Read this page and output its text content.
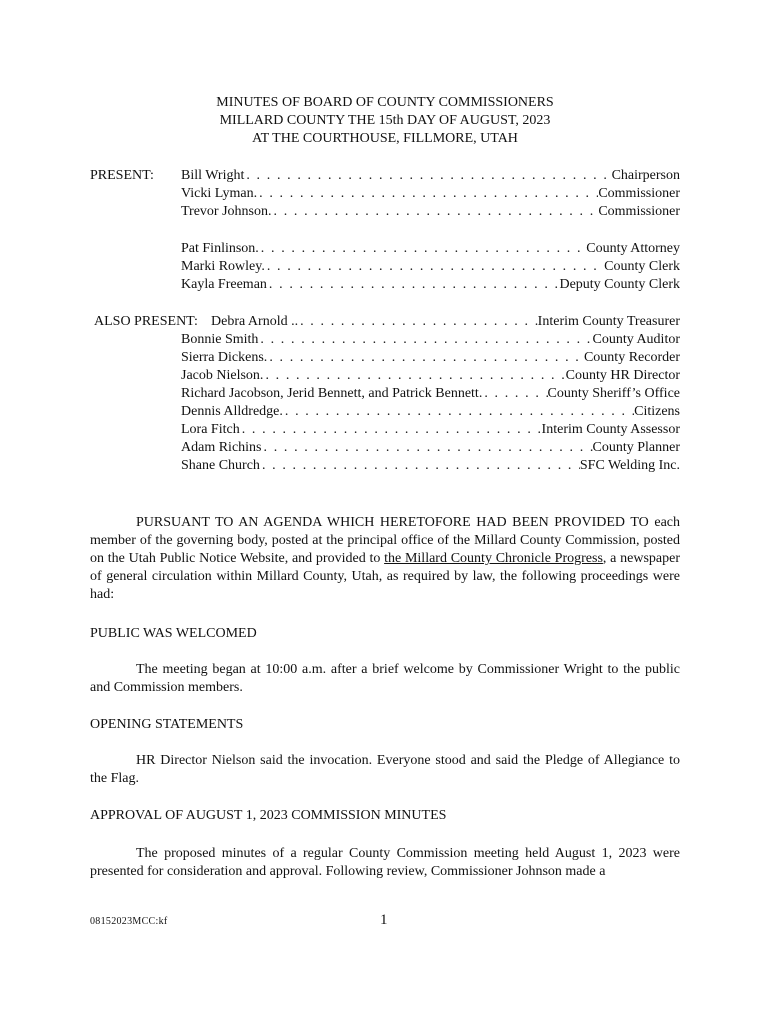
MINUTES OF BOARD OF COUNTY COMMISSIONERS
MILLARD COUNTY THE 15th DAY OF AUGUST, 2023
AT THE COURTHOUSE, FILLMORE, UTAH
PRESENT: Bill Wright . . .	Chairperson
Vicki Lyman. . . .	Commissioner
Trevor Johnson. . . .	Commissioner
Pat Finlinson. . . .	County Attorney
Marki Rowley. . . .	County Clerk
Kayla Freeman . . .	Deputy County Clerk
ALSO PRESENT: Debra Arnold .. . . .	Interim County Treasurer
Bonnie Smith . . .	County Auditor
Sierra Dickens. . . .	County Recorder
Jacob Nielson. . . .	County HR Director
Richard Jacobson, Jerid Bennett, and Patrick Bennett. . . .	County Sheriff’s Office
Dennis Alldredge. . . .	Citizens
Lora Fitch . . .	Interim County Assessor
Adam Richins . . .	County Planner
Shane Church . . .	SFC Welding Inc.
PURSUANT TO AN AGENDA WHICH HERETOFORE HAD BEEN PROVIDED TO each member of the governing body, posted at the principal office of the Millard County Commission, posted on the Utah Public Notice Website, and provided to the Millard County Chronicle Progress, a newspaper of general circulation within Millard County, Utah, as required by law, the following proceedings were had:
PUBLIC WAS WELCOMED
The meeting began at 10:00 a.m. after a brief welcome by Commissioner Wright to the public and Commission members.
OPENING STATEMENTS
HR Director Nielson said the invocation. Everyone stood and said the Pledge of Allegiance to the Flag.
APPROVAL OF AUGUST 1, 2023 COMMISSION MINUTES
The proposed minutes of a regular County Commission meeting held August 1, 2023 were presented for consideration and approval. Following review, Commissioner Johnson made a
08152023MCC:kf	1
